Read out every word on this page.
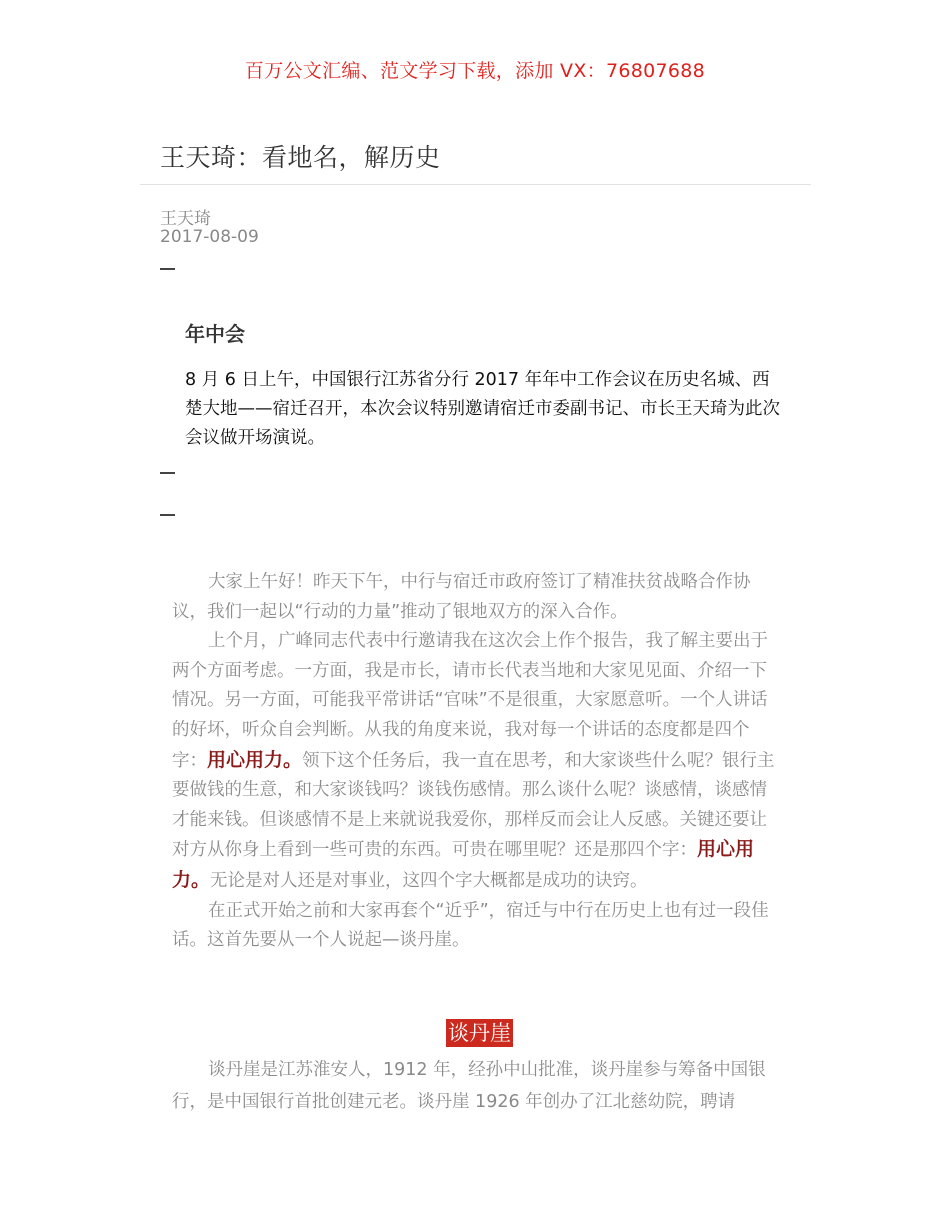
百万公文汇编、范文学习下载，添加 VX：76807688
王天琦：看地名，解历史
王天琦
2017-08-09
年中会
8 月 6 日上午，中国银行江苏省分行 2017 年年中工作会议在历史名城、西楚大地——宿迁召开，本次会议特别邀请宿迁市委副书记、市长王天琦为此次会议做开场演说。

大家上午好！昨天下午，中行与宿迁市政府签订了精准扶贫战略合作协议，我们一起以“行动的力量”推动了银地双方的深入合作。

上个月，广峰同志代表中行邀请我在这次会上作个报告，我了解主要出于两个方面考虑。一方面，我是市长，请市长代表当地和大家见见面、介绍一下情况。另一方面，可能我平常讲话“官味”不是很重，大家愿意听。一个人讲话的好坏，听众自会判断。从我的角度来说，我对每一个讲话的态度都是四个字：用心用力。领下这个任务后，我一直在思考，和大家谈些什么呢？银行主要做钱的生意，和大家谈钱吗？谈钱伤感情。那么谈什么呢？谈感情，谈感情才能来钱。但谈感情不是上来就说我爱你，那样反而会让人反感。关键还要让对方从你身上看到一些可贵的东西。可贵在哪里呢？还是那四个字：用心用力。无论是对人还是对事业，这四个字大概都是成功的诀窍。

在正式开始之前和大家再套个“近乎”，宿迁与中行在历史上也有过一段佳话。这首先要从一个人说起—谈丹崖。

谈丹崖

谈丹崖是江苏淮安人，1912 年，经孙中山批准，谈丹崖参与筹备中国银行，是中国银行首批创建元老。谈丹崖 1926 年创办了江北慈幼院，聘请
